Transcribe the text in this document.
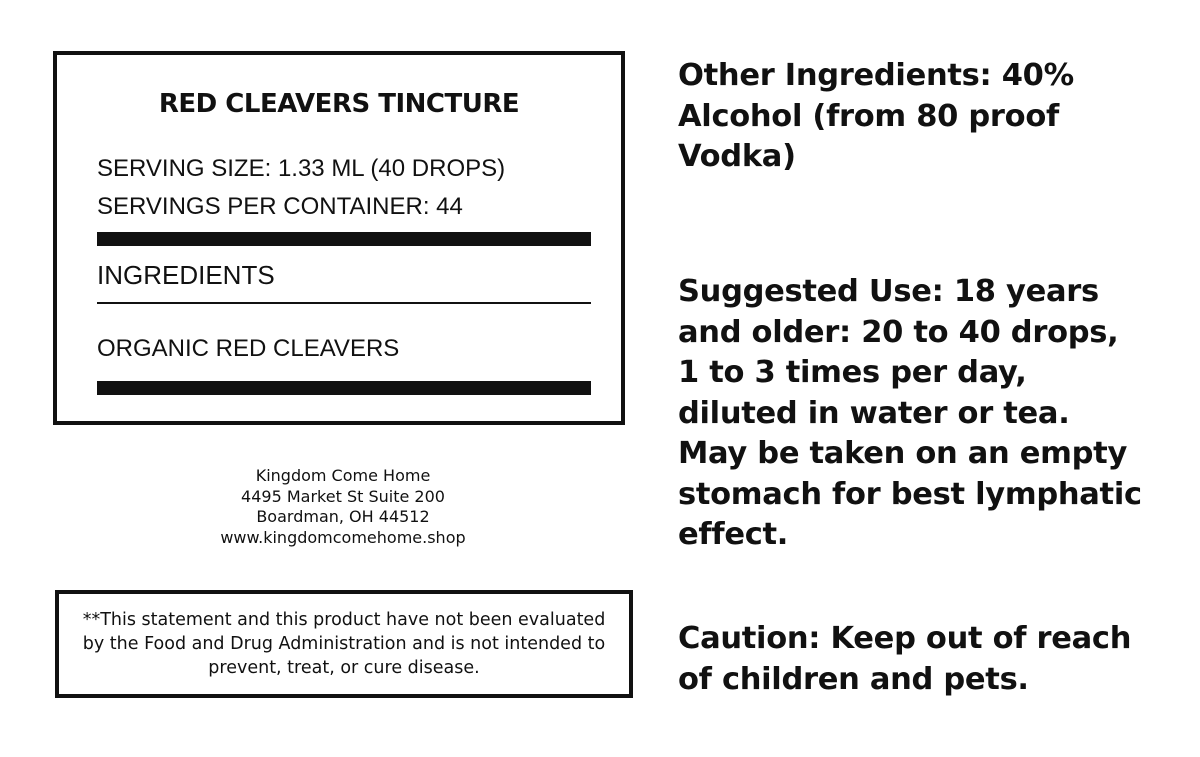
RED CLEAVERS TINCTURE
SERVING SIZE: 1.33 ML (40 DROPS)
SERVINGS PER CONTAINER: 44
INGREDIENTS
ORGANIC RED CLEAVERS
Kingdom Come Home
4495 Market St Suite 200
Boardman, OH 44512
www.kingdomcomehome.shop
**This statement and this product have not been evaluated by the Food and Drug Administration and is not intended to prevent, treat, or cure disease.
Other Ingredients: 40% Alcohol (from 80 proof Vodka)
Suggested Use: 18 years and older: 20 to 40 drops, 1 to 3 times per day, diluted in water or tea. May be taken on an empty stomach for best lymphatic effect.
Caution: Keep out of reach of children and pets.
